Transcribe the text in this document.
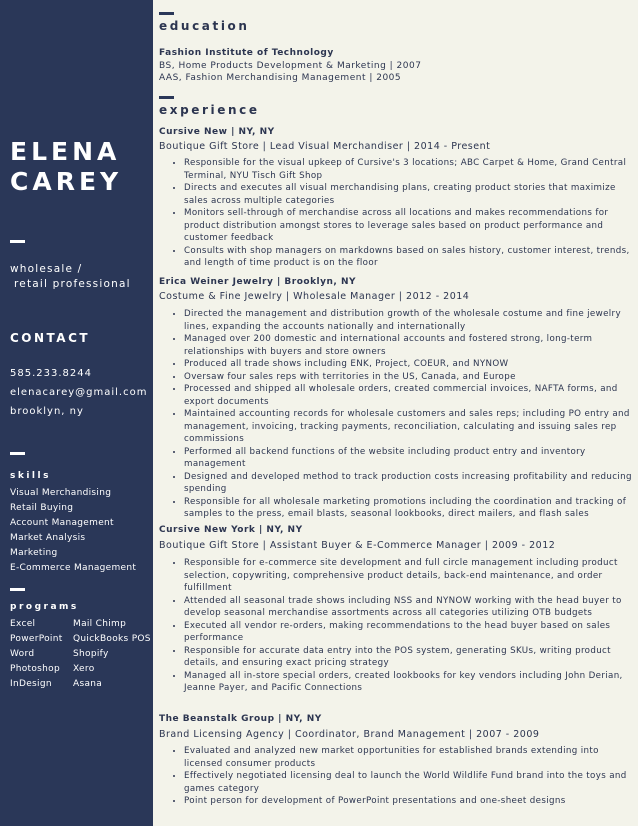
ELENA
CAREY
wholesale /
retail professional
CONTACT
585.233.8244
elenacarey@gmail.com
brooklyn, ny
skills
Visual Merchandising
Retail Buying
Account Management
Market Analysis
Marketing
E-Commerce Management
programs
Excel
PowerPoint
Word
Photoshop
InDesign
Mail Chimp
QuickBooks POS
Shopify
Xero
Asana
education
Fashion Institute of Technology
BS, Home Products Development & Marketing | 2007
AAS, Fashion Merchandising Management | 2005
experience
Cursive New | NY, NY
Boutique Gift Store | Lead Visual Merchandiser | 2014 - Present
• Responsible for the visual upkeep of Cursive's 3 locations; ABC Carpet & Home, Grand Central Terminal, NYU Tisch Gift Shop
• Directs and executes all visual merchandising plans, creating product stories that maximize sales across multiple categories
• Monitors sell-through of merchandise across all locations and makes recommendations for product distribution amongst stores to leverage sales based on product performance and customer feedback
• Consults with shop managers on markdowns based on sales history, customer interest, trends, and length of time product is on the floor
Erica Weiner Jewelry | Brooklyn, NY
Costume & Fine Jewelry | Wholesale Manager | 2012 - 2014
• Directed the management and distribution growth of the wholesale costume and fine jewelry lines, expanding the accounts nationally and internationally
• Managed over 200 domestic and international accounts and fostered strong, long-term relationships with buyers and store owners
• Produced all trade shows including ENK, Project, COEUR, and NYNOW
• Oversaw four sales reps with territories in the US, Canada, and Europe
• Processed and shipped all wholesale orders, created commercial invoices, NAFTA forms, and export documents
• Maintained accounting records for wholesale customers and sales reps; including PO entry and management, invoicing, tracking payments, reconciliation, calculating and issuing sales rep commissions
• Performed all backend functions of the website including product entry and inventory management
• Designed and developed method to track production costs increasing profitability and reducing spending
• Responsible for all wholesale marketing promotions including the coordination and tracking of samples to the press, email blasts, seasonal lookbooks, direct mailers, and flash sales
Cursive New York | NY, NY
Boutique Gift Store | Assistant Buyer & E-Commerce Manager | 2009 - 2012
• Responsible for e-commerce site development and full circle management including product selection, copywriting, comprehensive product details, back-end maintenance, and order fulfillment
• Attended all seasonal trade shows including NSS and NYNOW working with the head buyer to develop seasonal merchandise assortments across all categories utilizing OTB budgets
• Executed all vendor re-orders, making recommendations to the head buyer based on sales performance
• Responsible for accurate data entry into the POS system, generating SKUs, writing product details, and ensuring exact pricing strategy
• Managed all in-store special orders, created lookbooks for key vendors including John Derian, Jeanne Payer, and Pacific Connections
The Beanstalk Group | NY, NY
Brand Licensing Agency | Coordinator, Brand Management | 2007 - 2009
• Evaluated and analyzed new market opportunities for established brands extending into licensed consumer products
• Effectively negotiated licensing deal to launch the World Wildlife Fund brand into the toys and games category
• Point person for development of PowerPoint presentations and one-sheet designs
